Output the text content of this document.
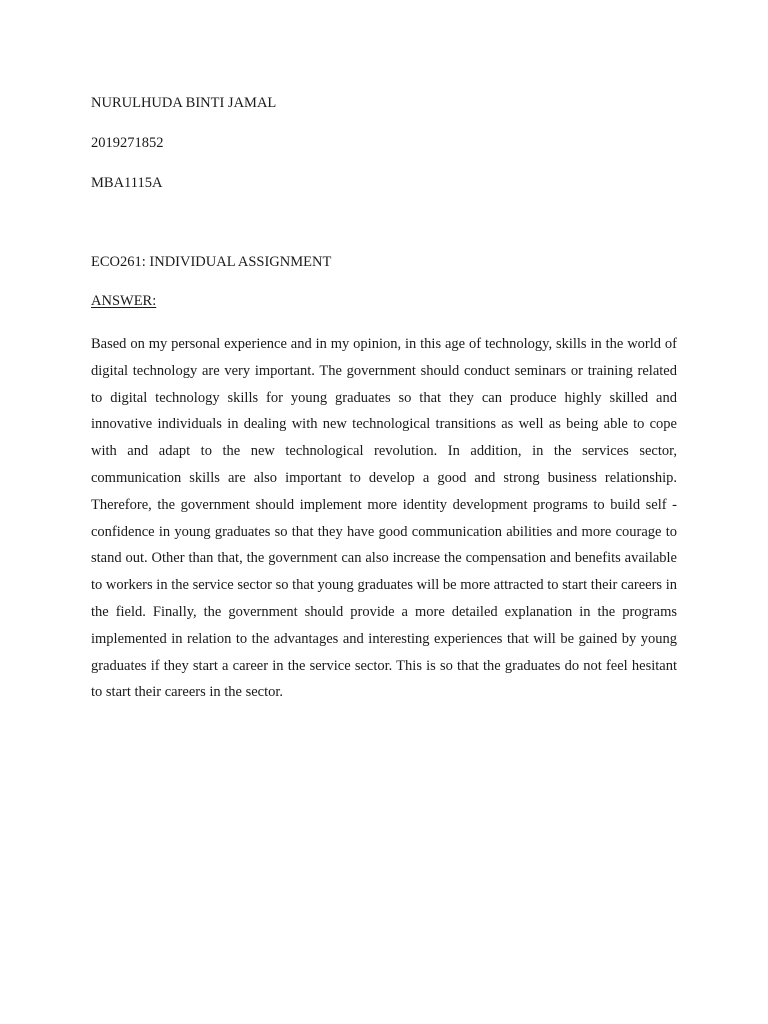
NURULHUDA BINTI JAMAL

2019271852

MBA1115A

ECO261: INDIVIDUAL ASSIGNMENT

ANSWER:

Based on my personal experience and in my opinion, in this age of technology, skills in the world of digital technology are very important. The government should conduct seminars or training related to digital technology skills for young graduates so that they can produce highly skilled and innovative individuals in dealing with new technological transitions as well as being able to cope with and adapt to the new technological revolution. In addition, in the services sector, communication skills are also important to develop a good and strong business relationship. Therefore, the government should implement more identity development programs to build self -confidence in young graduates so that they have good communication abilities and more courage to stand out. Other than that, the government can also increase the compensation and benefits available to workers in the service sector so that young graduates will be more attracted to start their careers in the field. Finally, the government should provide a more detailed explanation in the programs implemented in relation to the advantages and interesting experiences that will be gained by young graduates if they start a career in the service sector. This is so that the graduates do not feel hesitant to start their careers in the sector.
